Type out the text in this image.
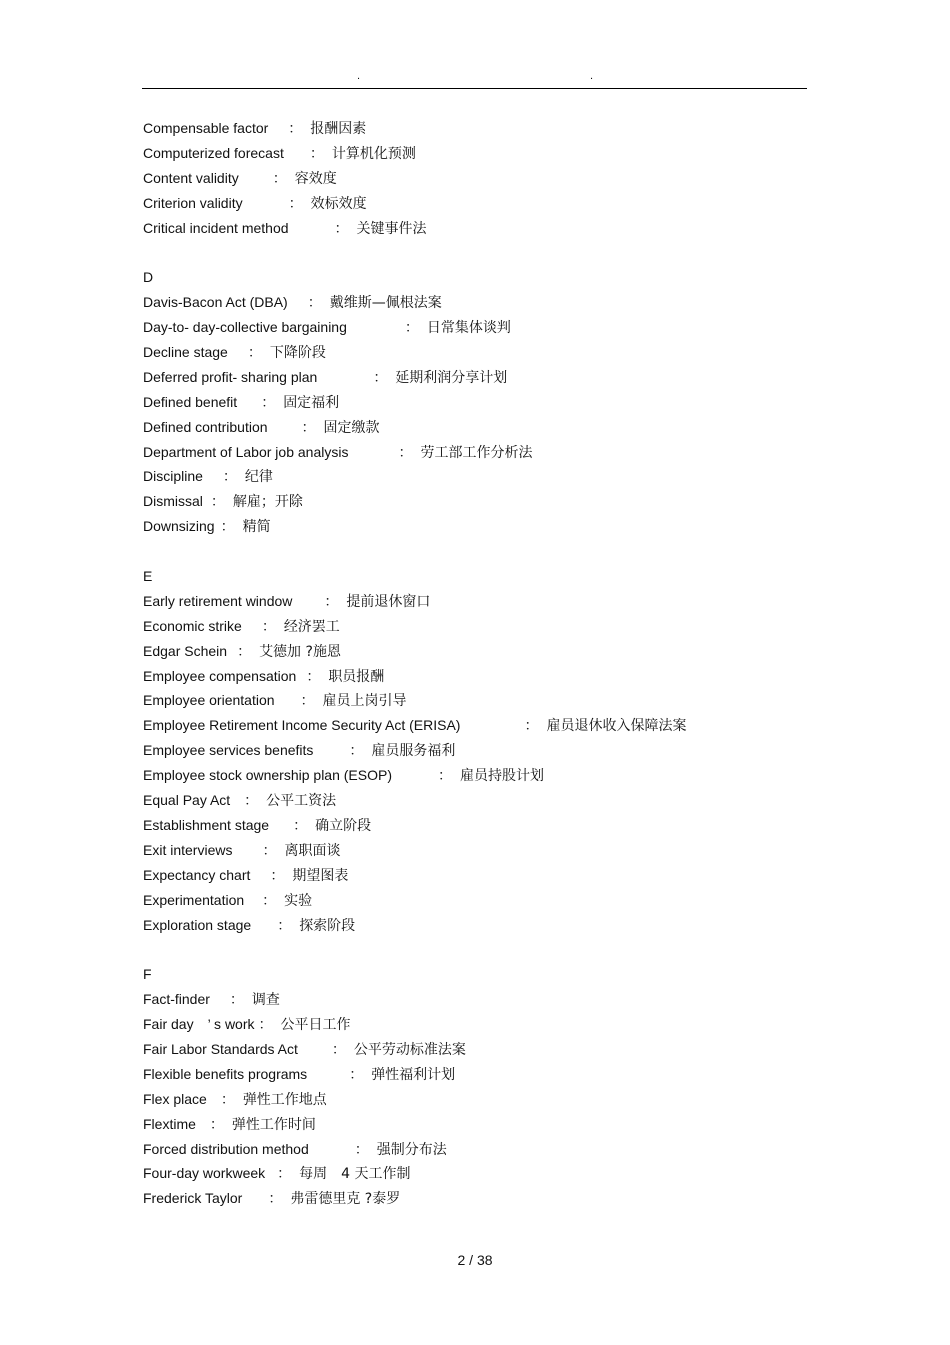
.	.
Compensable factor ： 报酬因素
Computerized forecast ： 计算机化预测
Content validity ： 容效度
Criterion validity	： 效标效度
Critical incident method	： 关键事件法
D
Davis-Bacon Act (DBA) ： 戴维斯—佩根法案
Day-to- day-collective bargaining	： 日常集体谈判
Decline stage ： 下降阶段
Deferred profit- sharing plan	： 延期利润分享计划
Defined benefit ： 固定福利
Defined contribution ： 固定缴款
Department of Labor job analysis	： 劳工部工作分析法
Discipline ： 纪律
Dismissal ： 解雇；开除
Downsizing ： 精简
E
Early retirement window ： 提前退休窗口
Economic strike ： 经济罢工
Edgar Schein ： 艾德加 ?施恩
Employee compensation ： 职员报酬
Employee orientation ： 雇员上岗引导
Employee Retirement Income Security Act (ERISA)	： 雇员退休收入保障法案
Employee services benefits	： 雇员服务福利
Employee stock ownership plan (ESOP)	： 雇员持股计划
Equal Pay Act ： 公平工资法
Establishment stage ： 确立阶段
Exit interviews ： 离职面谈
Expectancy chart ： 期望图表
Experimentation ： 实验
Exploration stage ： 探索阶段
F
Fact-finder ： 调查
Fair day　’ s work ： 公平日工作
Fair Labor Standards Act ： 公平劳动标准法案
Flexible benefits programs	： 弹性福利计划
Flex place ： 弹性工作地点
Flextime ： 弹性工作时间
Forced distribution method	： 强制分布法
Four-day workweek ： 每周　4 天工作制
Frederick Taylor ： 弗雷德里克 ?泰罗
2 / 38
